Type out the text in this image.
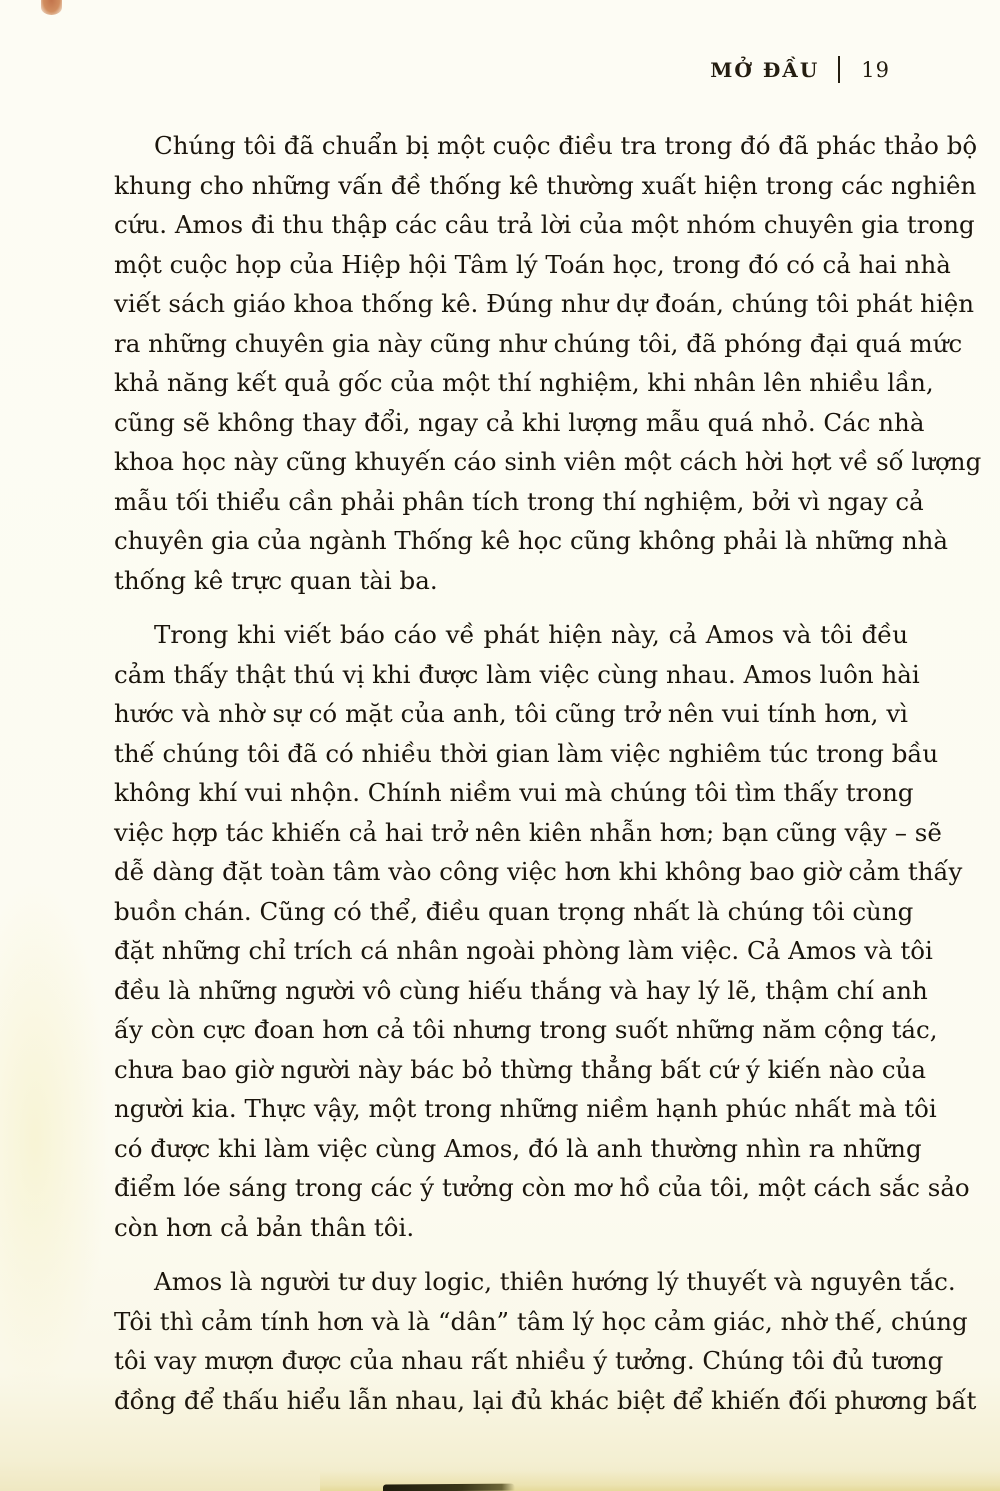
MỞ ĐẦU 19
Chúng tôi đã chuẩn bị một cuộc điều tra trong đó đã phác thảo bộ
khung cho những vấn đề thống kê thường xuất hiện trong các nghiên
cứu. Amos đi thu thập các câu trả lời của một nhóm chuyên gia trong
một cuộc họp của Hiệp hội Tâm lý Toán học, trong đó có cả hai nhà
viết sách giáo khoa thống kê. Đúng như dự đoán, chúng tôi phát hiện
ra những chuyên gia này cũng như chúng tôi, đã phóng đại quá mức
khả năng kết quả gốc của một thí nghiệm, khi nhân lên nhiều lần,
cũng sẽ không thay đổi, ngay cả khi lượng mẫu quá nhỏ. Các nhà
khoa học này cũng khuyến cáo sinh viên một cách hời hợt về số lượng
mẫu tối thiểu cần phải phân tích trong thí nghiệm, bởi vì ngay cả
chuyên gia của ngành Thống kê học cũng không phải là những nhà
thống kê trực quan tài ba.
Trong khi viết báo cáo về phát hiện này, cả Amos và tôi đều
cảm thấy thật thú vị khi được làm việc cùng nhau. Amos luôn hài
hước và nhờ sự có mặt của anh, tôi cũng trở nên vui tính hơn, vì
thế chúng tôi đã có nhiều thời gian làm việc nghiêm túc trong bầu
không khí vui nhộn. Chính niềm vui mà chúng tôi tìm thấy trong
việc hợp tác khiến cả hai trở nên kiên nhẫn hơn; bạn cũng vậy – sẽ
dễ dàng đặt toàn tâm vào công việc hơn khi không bao giờ cảm thấy
buồn chán. Cũng có thể, điều quan trọng nhất là chúng tôi cùng
đặt những chỉ trích cá nhân ngoài phòng làm việc. Cả Amos và tôi
đều là những người vô cùng hiếu thắng và hay lý lẽ, thậm chí anh
ấy còn cực đoan hơn cả tôi nhưng trong suốt những năm cộng tác,
chưa bao giờ người này bác bỏ thừng thẳng bất cứ ý kiến nào của
người kia. Thực vậy, một trong những niềm hạnh phúc nhất mà tôi
có được khi làm việc cùng Amos, đó là anh thường nhìn ra những
điểm lóe sáng trong các ý tưởng còn mơ hồ của tôi, một cách sắc sảo
còn hơn cả bản thân tôi.
Amos là người tư duy logic, thiên hướng lý thuyết và nguyên tắc.
Tôi thì cảm tính hơn và là “dân” tâm lý học cảm giác, nhờ thế, chúng
tôi vay mượn được của nhau rất nhiều ý tưởng. Chúng tôi đủ tương
đồng để thấu hiểu lẫn nhau, lại đủ khác biệt để khiến đối phương bất
